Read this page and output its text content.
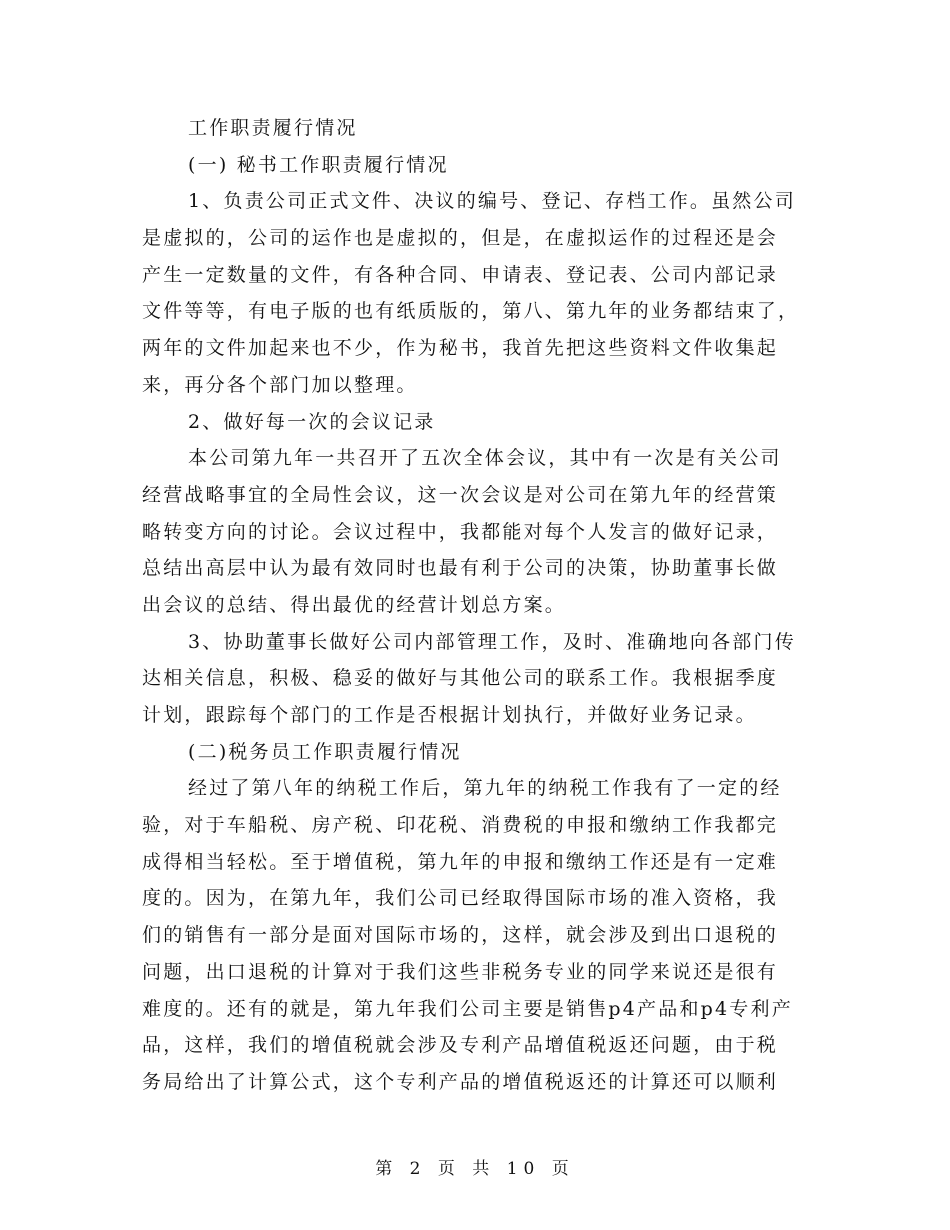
工作职责履行情况
(一) 秘书工作职责履行情况
1、负责公司正式文件、决议的编号、登记、存档工作。虽然公司
是虚拟的，公司的运作也是虚拟的，但是，在虚拟运作的过程还是会
产生一定数量的文件，有各种合同、申请表、登记表、公司内部记录
文件等等，有电子版的也有纸质版的，第八、第九年的业务都结束了，
两年的文件加起来也不少，作为秘书，我首先把这些资料文件收集起
来，再分各个部门加以整理。
2、做好每一次的会议记录
本公司第九年一共召开了五次全体会议，其中有一次是有关公司
经营战略事宜的全局性会议，这一次会议是对公司在第九年的经营策
略转变方向的讨论。会议过程中，我都能对每个人发言的做好记录，
总结出高层中认为最有效同时也最有利于公司的决策，协助董事长做
出会议的总结、得出最优的经营计划总方案。
3、协助董事长做好公司内部管理工作，及时、准确地向各部门传
达相关信息，积极、稳妥的做好与其他公司的联系工作。我根据季度
计划，跟踪每个部门的工作是否根据计划执行，并做好业务记录。
(二)税务员工作职责履行情况
经过了第八年的纳税工作后，第九年的纳税工作我有了一定的经
验，对于车船税、房产税、印花税、消费税的申报和缴纳工作我都完
成得相当轻松。至于增值税，第九年的申报和缴纳工作还是有一定难
度的。因为，在第九年，我们公司已经取得国际市场的准入资格，我
们的销售有一部分是面对国际市场的，这样，就会涉及到出口退税的
问题，出口退税的计算对于我们这些非税务专业的同学来说还是很有
难度的。还有的就是，第九年我们公司主要是销售p4产品和p4专利产
品，这样，我们的增值税就会涉及专利产品增值税返还问题，由于税
务局给出了计算公式，这个专利产品的增值税返还的计算还可以顺利
第 2 页 共 10 页
